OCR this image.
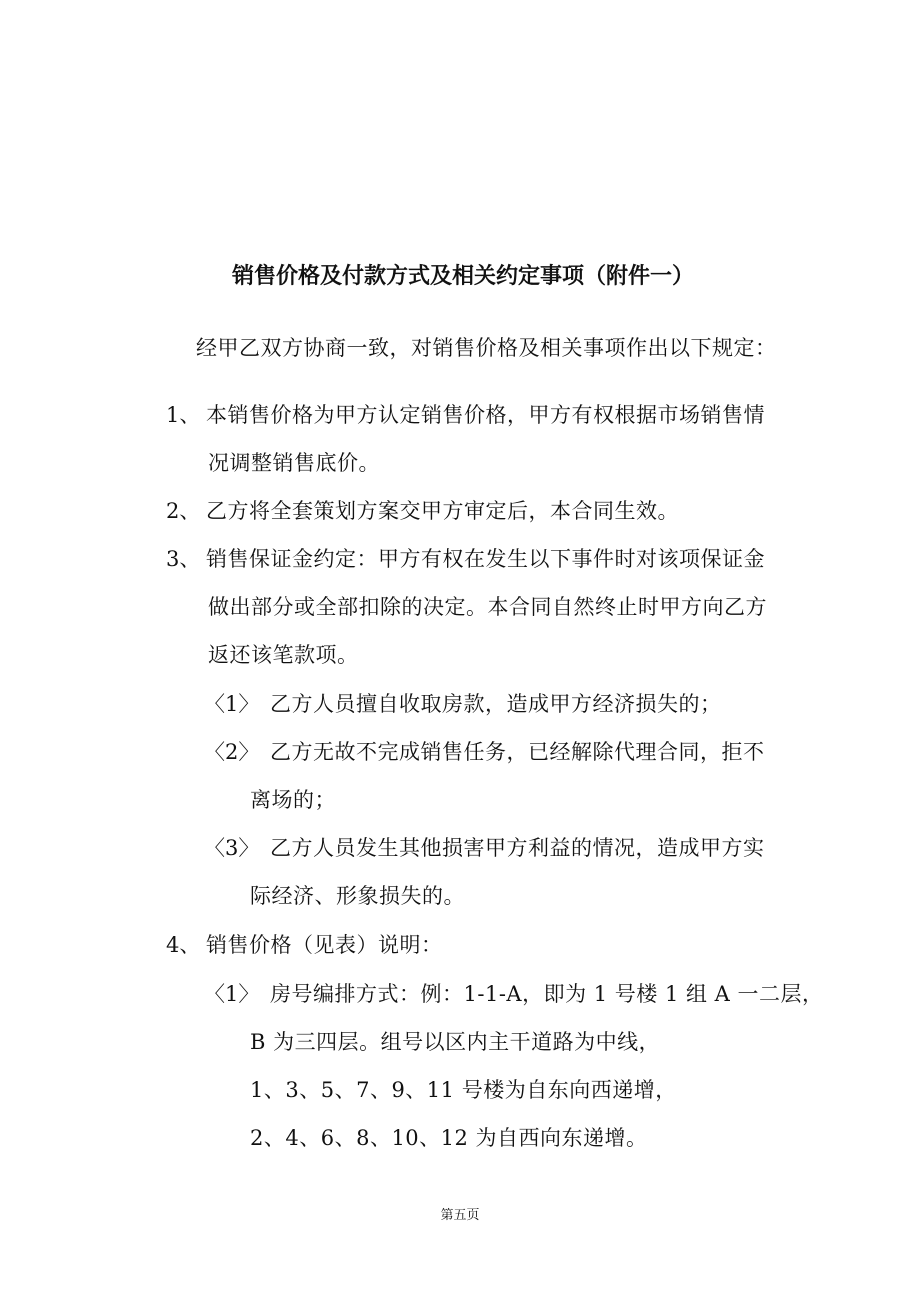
销售价格及付款方式及相关约定事项（附件一）
经甲乙双方协商一致，对销售价格及相关事项作出以下规定：
1、 本销售价格为甲方认定销售价格，甲方有权根据市场销售情
况调整销售底价。
2、 乙方将全套策划方案交甲方审定后，本合同生效。
3、 销售保证金约定：甲方有权在发生以下事件时对该项保证金
做出部分或全部扣除的决定。本合同自然终止时甲方向乙方
返还该笔款项。
〈1〉 乙方人员擅自收取房款，造成甲方经济损失的；
〈2〉 乙方无故不完成销售任务，已经解除代理合同，拒不
离场的；
〈3〉 乙方人员发生其他损害甲方利益的情况，造成甲方实
际经济、形象损失的。
4、 销售价格（见表）说明：
〈1〉 房号编排方式：例：1-1-A，即为 1 号楼 1 组 A 一二层，
B 为三四层。组号以区内主干道路为中线，
1、3、5、7、9、11 号楼为自东向西递增，
2、4、6、8、10、12 为自西向东递增。
第五页
